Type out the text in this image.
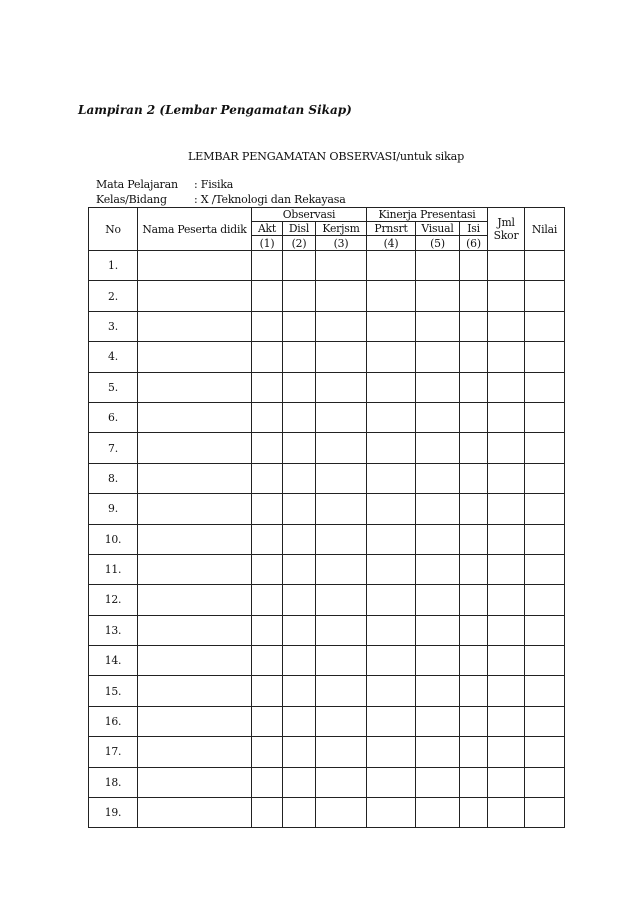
Lampiran 2 (Lembar Pengamatan Sikap)
LEMBAR PENGAMATAN OBSERVASI/untuk sikap
Mata Pelajaran : Fisika
Kelas/Bidang : X /Teknologi dan Rekayasa
No	Nama Peserta didik	Observasi			Kinerja Presentasi			Jml Skor	Nilai
		Akt	Disl	Kerjsm	Prnsrt	Visual	Isi		
		(1)	(2)	(3)	(4)	(5)	(6)		
1.									
2.									
3.									
4.									
5.									
6.									
7.									
8.									
9.									
10.									
11.									
12.									
13.									
14.									
15.									
16.									
17.									
18.									
19.									
